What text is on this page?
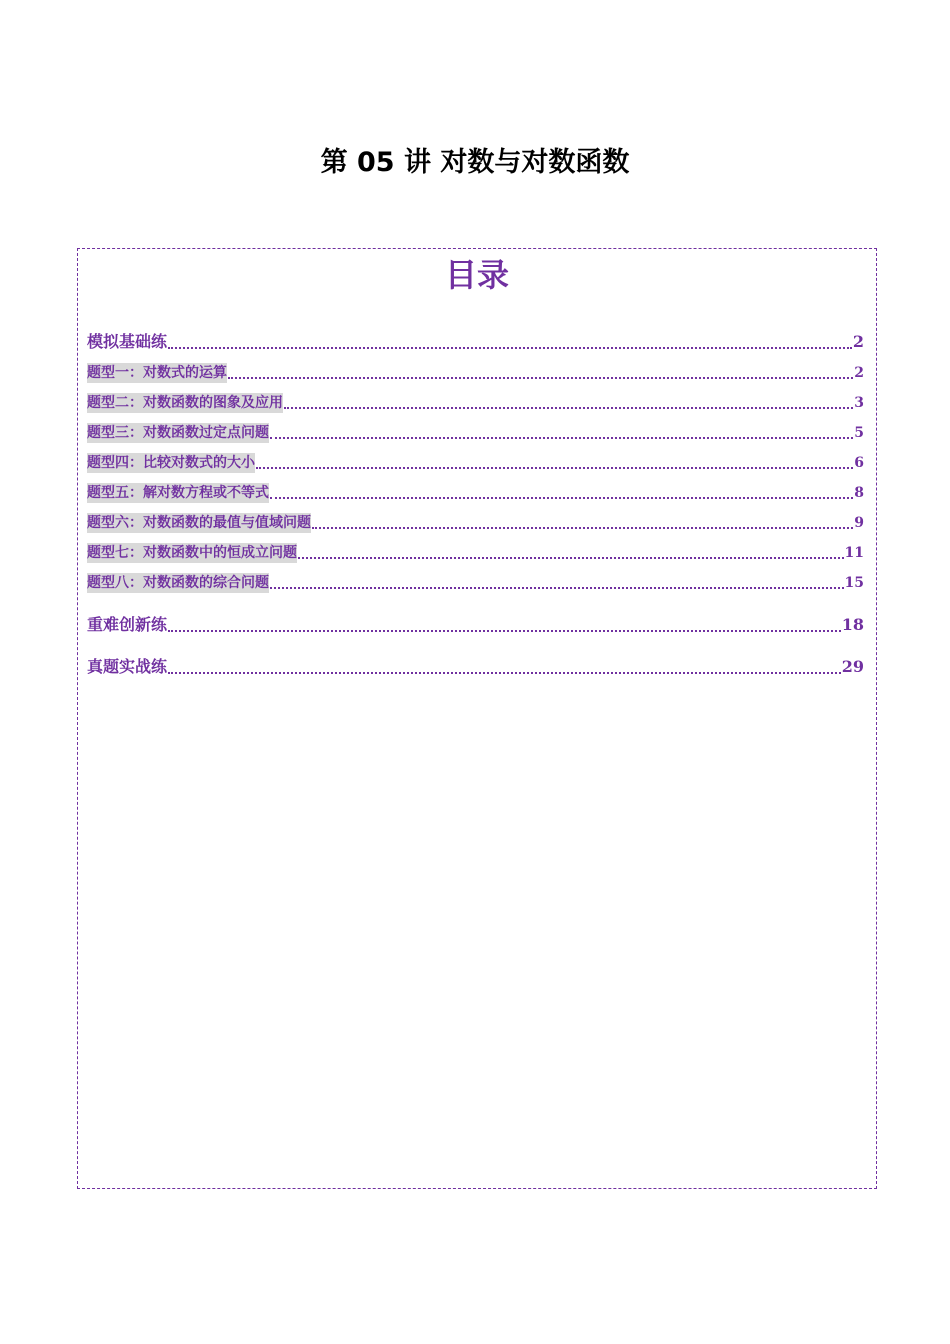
第 05 讲 对数与对数函数
目录
模拟基础练	2
题型一：对数式的运算	2
题型二：对数函数的图象及应用	3
题型三：对数函数过定点问题	5
题型四：比较对数式的大小	6
题型五：解对数方程或不等式	8
题型六：对数函数的最值与值域问题	9
题型七：对数函数中的恒成立问题	11
题型八：对数函数的综合问题	15
重难创新练	18
真题实战练	29
